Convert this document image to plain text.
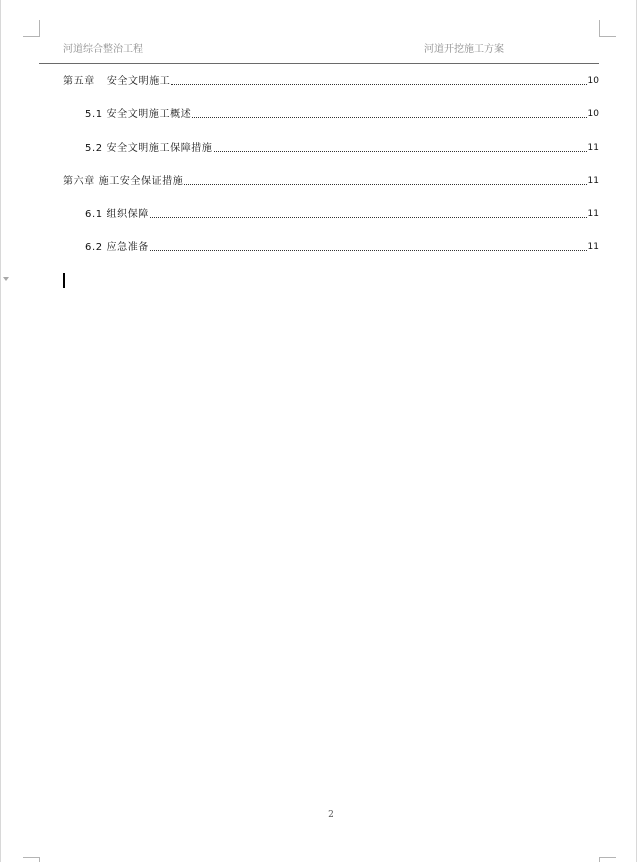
河道综合整治工程	河道开挖施工方案
第五章 安全文明施工	10
5.1 安全文明施工概述	10
5.2 安全文明施工保障措施	11
第六章 施工安全保证措施	11
6.1 组织保障	11
6.2 应急准备	11
2
